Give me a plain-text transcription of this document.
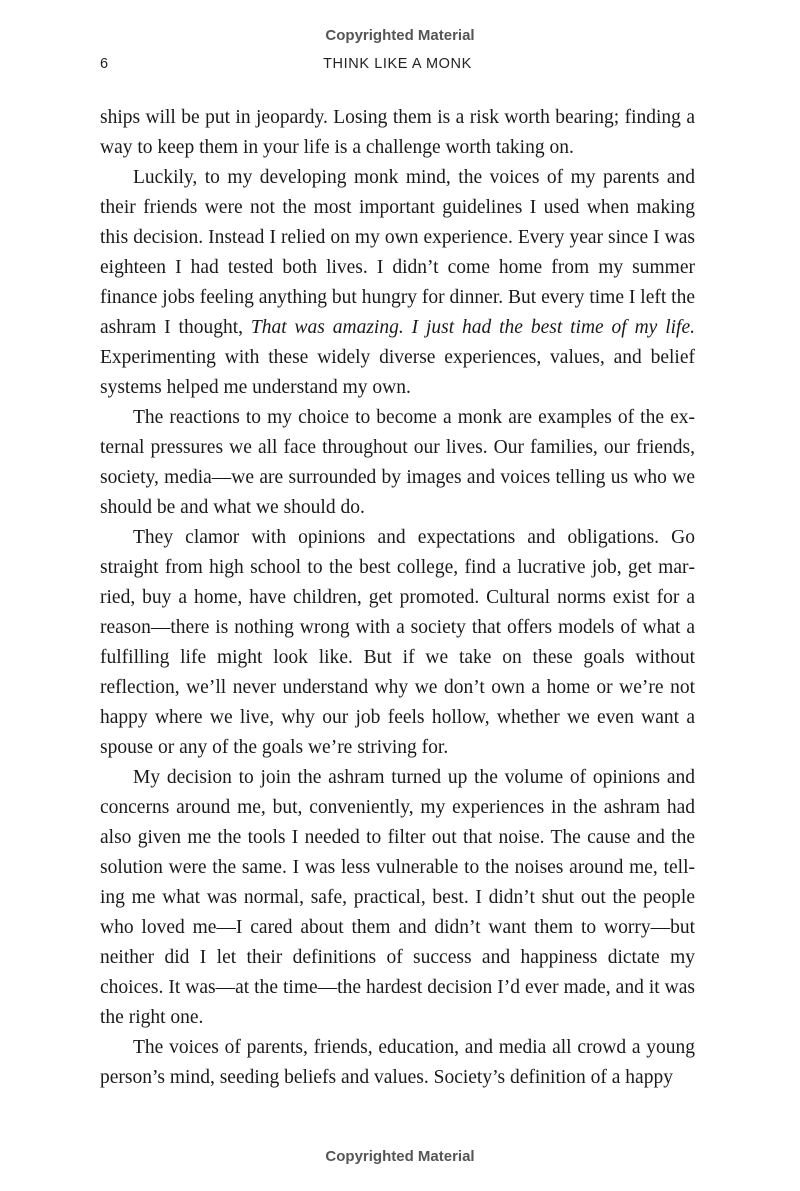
Copyrighted Material
6	THINK LIKE A MONK

ships will be put in jeopardy. Losing them is a risk worth bearing; finding a way to keep them in your life is a challenge worth taking on.

Luckily, to my developing monk mind, the voices of my parents and their friends were not the most important guidelines I used when making this decision. Instead I relied on my own experience. Every year since I was eighteen I had tested both lives. I didn’t come home from my summer finance jobs feeling anything but hungry for dinner. But every time I left the ashram I thought, That was amazing. I just had the best time of my life. Experimenting with these widely diverse experiences, values, and belief systems helped me understand my own.

The reactions to my choice to become a monk are examples of the external pressures we all face throughout our lives. Our families, our friends, society, media—we are surrounded by images and voices telling us who we should be and what we should do.

They clamor with opinions and expectations and obligations. Go straight from high school to the best college, find a lucrative job, get married, buy a home, have children, get promoted. Cultural norms exist for a reason—there is nothing wrong with a society that offers models of what a fulfilling life might look like. But if we take on these goals without reflection, we’ll never understand why we don’t own a home or we’re not happy where we live, why our job feels hollow, whether we even want a spouse or any of the goals we’re striving for.

My decision to join the ashram turned up the volume of opinions and concerns around me, but, conveniently, my experiences in the ashram had also given me the tools I needed to filter out that noise. The cause and the solution were the same. I was less vulnerable to the noises around me, telling me what was normal, safe, practical, best. I didn’t shut out the people who loved me—I cared about them and didn’t want them to worry—but neither did I let their definitions of success and happiness dictate my choices. It was—at the time—the hardest decision I’d ever made, and it was the right one.

The voices of parents, friends, education, and media all crowd a young person’s mind, seeding beliefs and values. Society’s definition of a happy

Copyrighted Material
